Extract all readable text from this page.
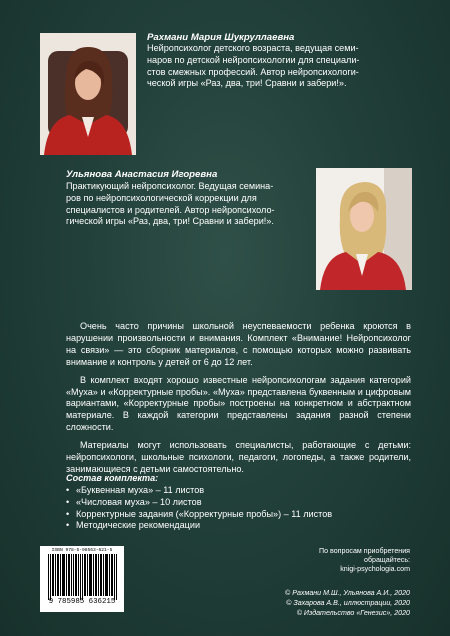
Рахмани Мария Шукруллаевна
Нейропсихолог детского возраста, ведущая семи-
наров по детской нейропсихологии для специали-
стов смежных профессий. Автор нейропсихологи-
ческой игры «Раз, два, три! Сравни и забери!».
Ульянова Анастасия Игоревна
Практикующий нейропсихолог. Ведущая семина-
ров по нейропсихологической коррекции для
специалистов и родителей. Автор нейропсихоло-
гической игры «Раз, два, три! Сравни и забери!».

Очень часто причины школьной неуспеваемости ребенка кроются в нарушении произвольности и внимания. Комплект «Внимание! Нейропсихолог на связи» — это сборник материалов, с помощью которых можно развивать внимание и контроль у детей от 6 до 12 лет.

В комплект входят хорошо известные нейропсихологам задания категорий «Муха» и «Корректурные пробы». «Муха» представлена буквенным и цифровым вариантами, «Корректурные пробы» построены на конкретном и абстрактном материале. В каждой категории представлены задания разной степени сложности.

Материалы могут использовать специалисты, работающие с детьми: нейропсихологи, школьные психологи, педагоги, логопеды, а также родители, занимающиеся с детьми самостоятельно.

Состав комплекта:
• «Буквенная муха» – 11 листов
• «Числовая муха» – 10 листов
• Корректурные задания («Корректурные пробы») – 11 листов
• Методические рекомендации
ISBN 978-5-98563-621-5
9 785985 636215
По вопросам приобретения
обращайтесь:
knigi-psychologia.com
© Рахмани М.Ш., Ульянова А.И., 2020
© Захарова А.В., иллюстрации, 2020
© Издательство «Генезис», 2020
